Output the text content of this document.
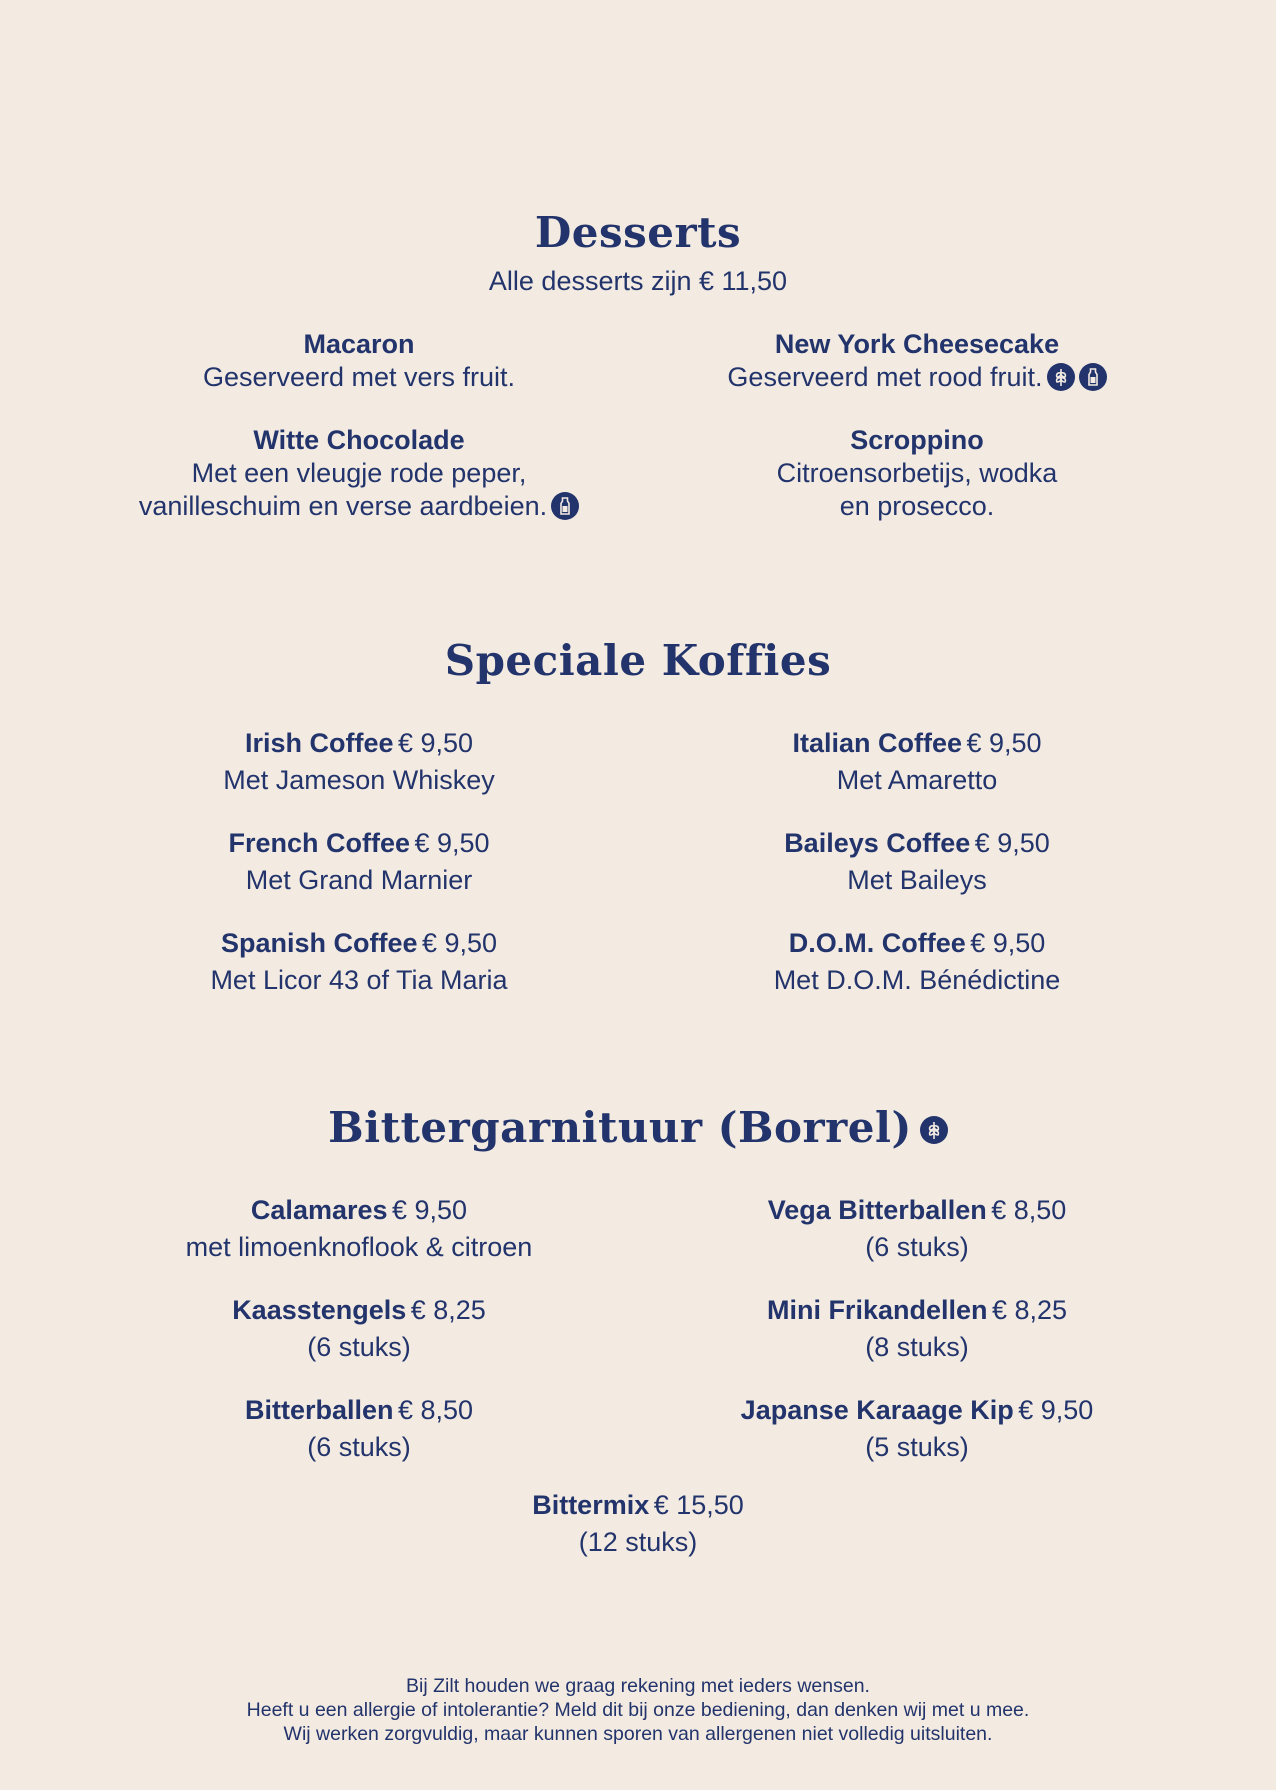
Desserts
Alle desserts zijn € 11,50
Macaron
Geserveerd met vers fruit.
Witte Chocolade
Met een vleugje rode peper,
vanilleschuim en verse aardbeien.
New York Cheesecake
Geserveerd met rood fruit.
Scroppino
Citroensorbetijs, wodka
en prosecco.
Speciale Koffies
Irish Coffee € 9,50
Met Jameson Whiskey
French Coffee € 9,50
Met Grand Marnier
Spanish Coffee € 9,50
Met Licor 43 of Tia Maria
Italian Coffee € 9,50
Met Amaretto
Baileys Coffee € 9,50
Met Baileys
D.O.M. Coffee € 9,50
Met D.O.M. Bénédictine
Bittergarnituur (Borrel)
Calamares € 9,50
met limoenknoflook & citroen
Kaasstengels € 8,25
(6 stuks)
Bitterballen € 8,50
(6 stuks)
Vega Bitterballen € 8,50
(6 stuks)
Mini Frikandellen € 8,25
(8 stuks)
Japanse Karaage Kip € 9,50
(5 stuks)
Bittermix € 15,50
(12 stuks)
Bij Zilt houden we graag rekening met ieders wensen.
Heeft u een allergie of intolerantie? Meld dit bij onze bediening, dan denken wij met u mee.
Wij werken zorgvuldig, maar kunnen sporen van allergenen niet volledig uitsluiten.
